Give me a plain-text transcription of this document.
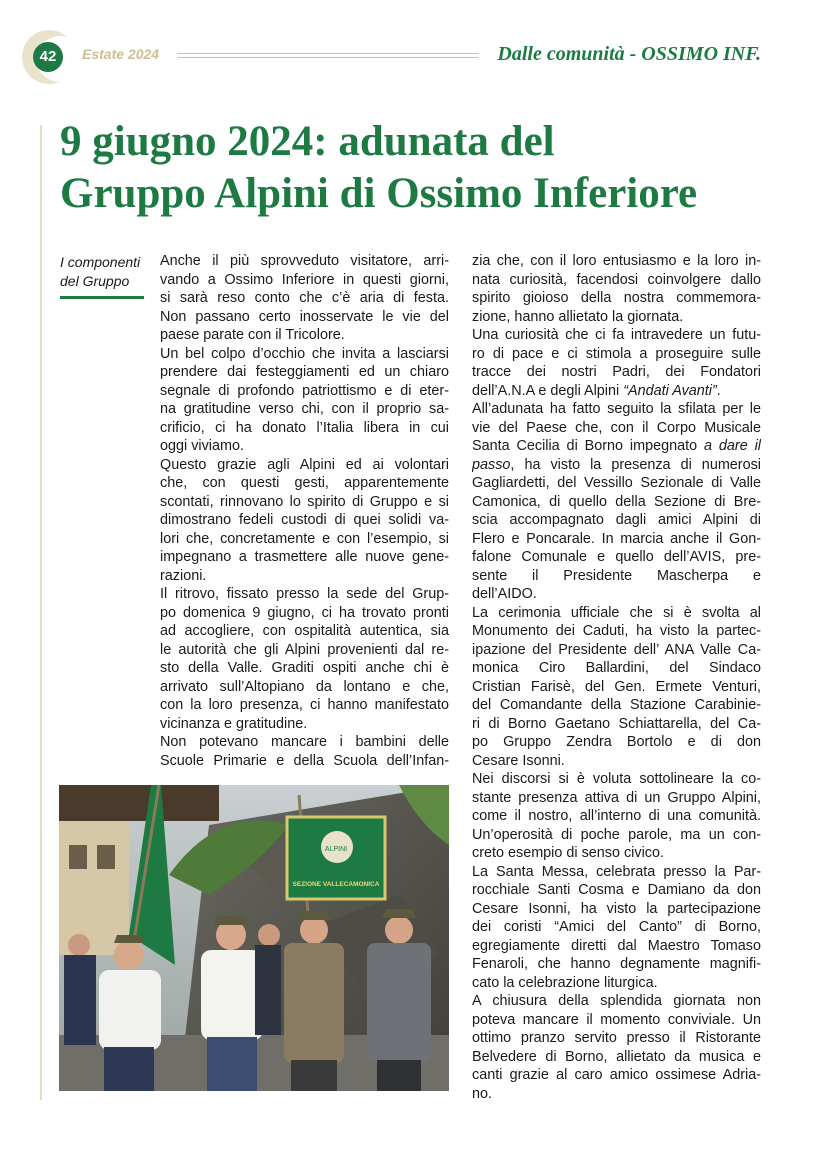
42	Estate 2024	Dalle comunità - OSSIMO INF.
9 giugno 2024: adunata del
Gruppo Alpini di Ossimo Inferiore
I componenti
del Gruppo
Anche il più sprovveduto visitatore, arri-
vando a Ossimo Inferiore in questi giorni,
si sarà reso conto che c’è aria di festa.
Non passano certo inosservate le vie del
paese parate con il Tricolore.
Un bel colpo d’occhio che invita a lasciarsi
prendere dai festeggiamenti ed un chiaro
segnale di profondo patriottismo e di eter-
na gratitudine verso chi, con il proprio sa-
crificio, ci ha donato l’Italia libera in cui
oggi viviamo.
Questo grazie agli Alpini ed ai volontari
che, con questi gesti, apparentemente
scontati, rinnovano lo spirito di Gruppo e si
dimostrano fedeli custodi di quei solidi va-
lori che, concretamente e con l’esempio, si
impegnano a trasmettere alle nuove gene-
razioni.
Il ritrovo, fissato presso la sede del Grup-
po domenica 9 giugno, ci ha trovato pronti
ad accogliere, con ospitalità autentica, sia
le autorità che gli Alpini provenienti dal re-
sto della Valle. Graditi ospiti anche chi è
arrivato sull’Altopiano da lontano e che,
con la loro presenza, ci hanno manifestato
vicinanza e gratitudine.
Non potevano mancare i bambini delle
Scuole Primarie e della Scuola dell’Infan-
zia che, con il loro entusiasmo e la loro in-
nata curiosità, facendosi coinvolgere dallo
spirito gioioso della nostra commemora-
zione, hanno allietato la giornata.
Una curiosità che ci fa intravedere un futu-
ro di pace e ci stimola a proseguire sulle
tracce dei nostri Padri, dei Fondatori
dell’A.N.A e degli Alpini “Andati Avanti”.
All’adunata ha fatto seguito la sfilata per le
vie del Paese che, con il Corpo Musicale
Santa Cecilia di Borno impegnato a dare il
passo, ha visto la presenza di numerosi
Gagliardetti, del Vessillo Sezionale di Valle
Camonica, di quello della Sezione di Bre-
scia accompagnato dagli amici Alpini di
Flero e Poncarale. In marcia anche il Gon-
falone Comunale e quello dell’AVIS, pre-
sente il Presidente Mascherpa e
dell’AIDO.
La cerimonia ufficiale che si è svolta al
Monumento dei Caduti, ha visto la partec-
ipazione del Presidente dell’ ANA Valle Ca-
monica Ciro Ballardini, del Sindaco
Cristian Farisè, del Gen. Ermete Venturi,
del Comandante della Stazione Carabinie-
ri di Borno Gaetano Schiattarella, del Ca-
po Gruppo Zendra Bortolo e di don
Cesare Isonni.
Nei discorsi si è voluta sottolineare la co-
stante presenza attiva di un Gruppo Alpini,
come il nostro, all’interno di una comunità.
Un’operosità di poche parole, ma un con-
creto esempio di senso civico.
La Santa Messa, celebrata presso la Par-
rocchiale Santi Cosma e Damiano da don
Cesare Isonni, ha visto la partecipazione
dei coristi “Amici del Canto” di Borno,
egregiamente diretti dal Maestro Tomaso
Fenaroli, che hanno degnamente magnifi-
cato la celebrazione liturgica.
A chiusura della splendida giornata non
poteva mancare il momento conviviale. Un
ottimo pranzo servito presso il Ristorante
Belvedere di Borno, allietato da musica e
canti grazie al caro amico ossimese Adria-
no.
ALPINI
SEZIONE VALLECAMONICA
